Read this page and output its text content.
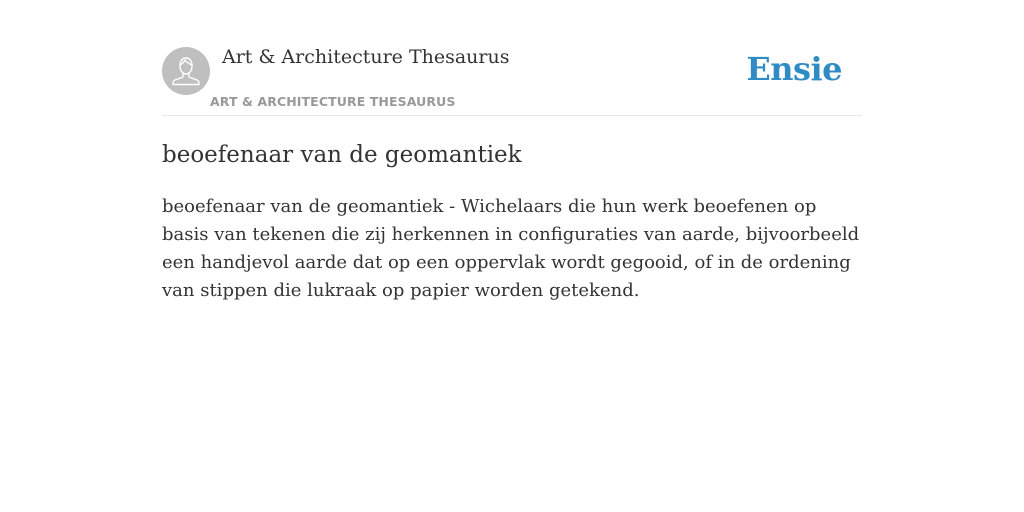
Art & Architecture Thesaurus
ART & ARCHITECTURE THESAURUS
Ensie
beoefenaar van de geomantiek

beoefenaar van de geomantiek - Wichelaars die hun werk beoefenen op basis van tekenen die zij herkennen in configuraties van aarde, bijvoorbeeld een handjevol aarde dat op een oppervlak wordt gegooid, of in de ordening van stippen die lukraak op papier worden getekend.
